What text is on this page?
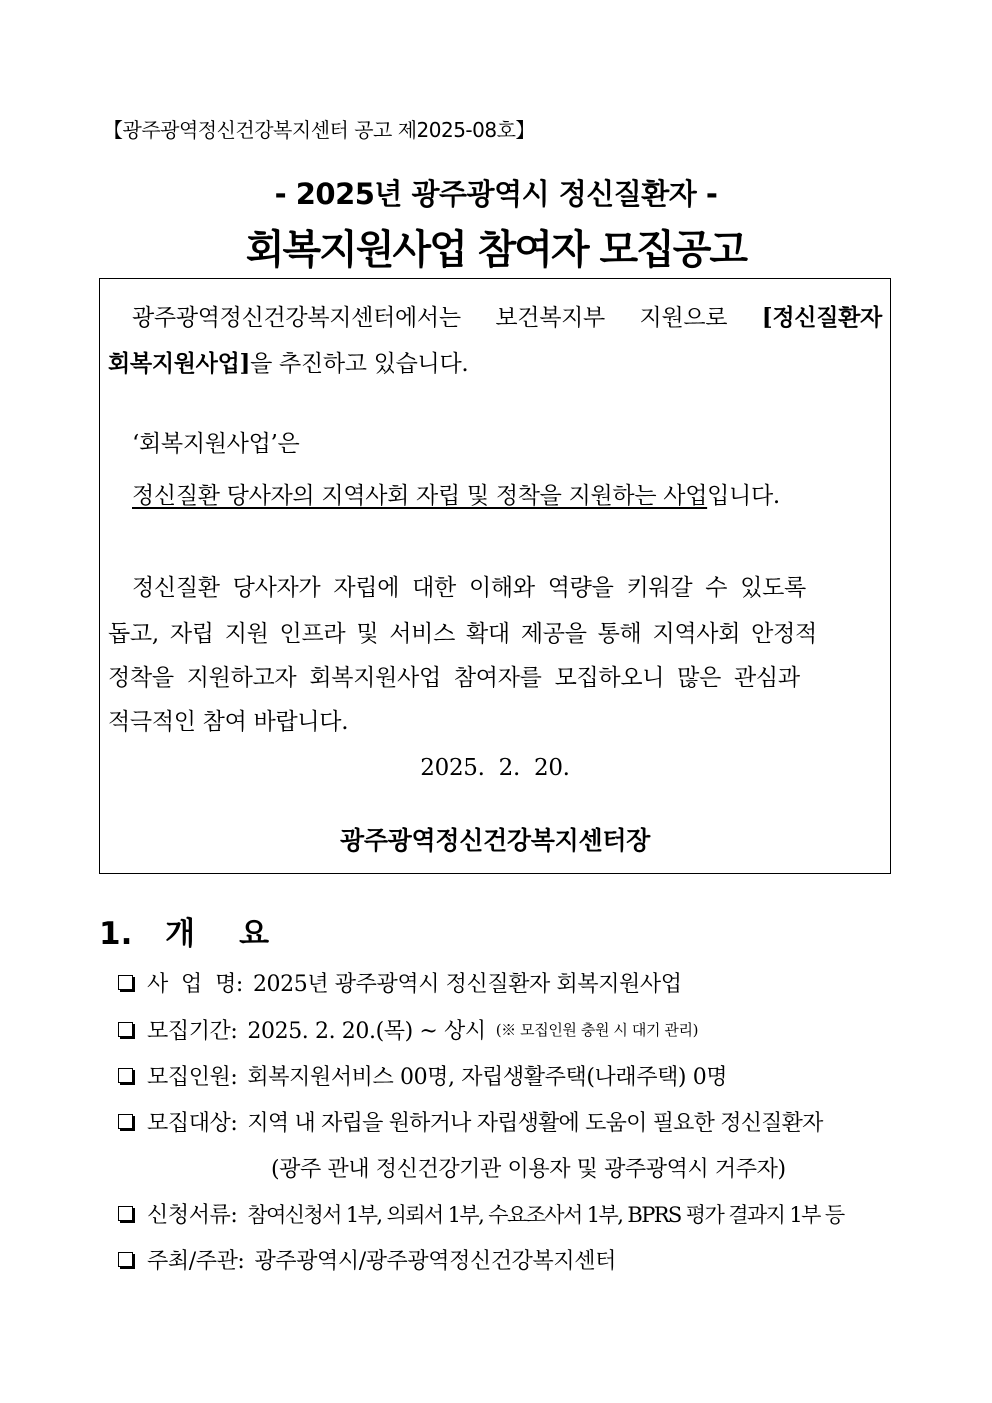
【광주광역정신건강복지센터 공고 제2025-08호】
- 2025년 광주광역시 정신질환자 -
회복지원사업 참여자 모집공고
광주광역정신건강복지센터에서는 보건복지부 지원으로 [정신질환자
회복지원사업]을 추진하고 있습니다.
‘회복지원사업’은
정신질환 당사자의 지역사회 자립 및 정착을 지원하는 사업입니다.
정신질환 당사자가 자립에 대한 이해와 역량을 키워갈 수 있도록
돕고, 자립 지원 인프라 및 서비스 확대 제공을 통해 지역사회 안정적
정착을 지원하고자 회복지원사업 참여자를 모집하오니 많은 관심과
적극적인 참여 바랍니다.
2025.  2.  20.
광주광역정신건강복지센터장
1. 개 요
사  업  명: 2025년 광주광역시 정신질환자 회복지원사업
모집기간: 2025. 2. 20.(목) ~ 상시 (※ 모집인원 충원 시 대기 관리)
모집인원: 회복지원서비스 00명, 자립생활주택(나래주택) 0명
모집대상: 지역 내 자립을 원하거나 자립생활에 도움이 필요한 정신질환자
(광주 관내 정신건강기관 이용자 및 광주광역시 거주자)
신청서류: 참여신청서 1부, 의뢰서 1부, 수요조사서 1부, BPRS 평가 결과지 1부 등
주최/주관: 광주광역시/광주광역정신건강복지센터
